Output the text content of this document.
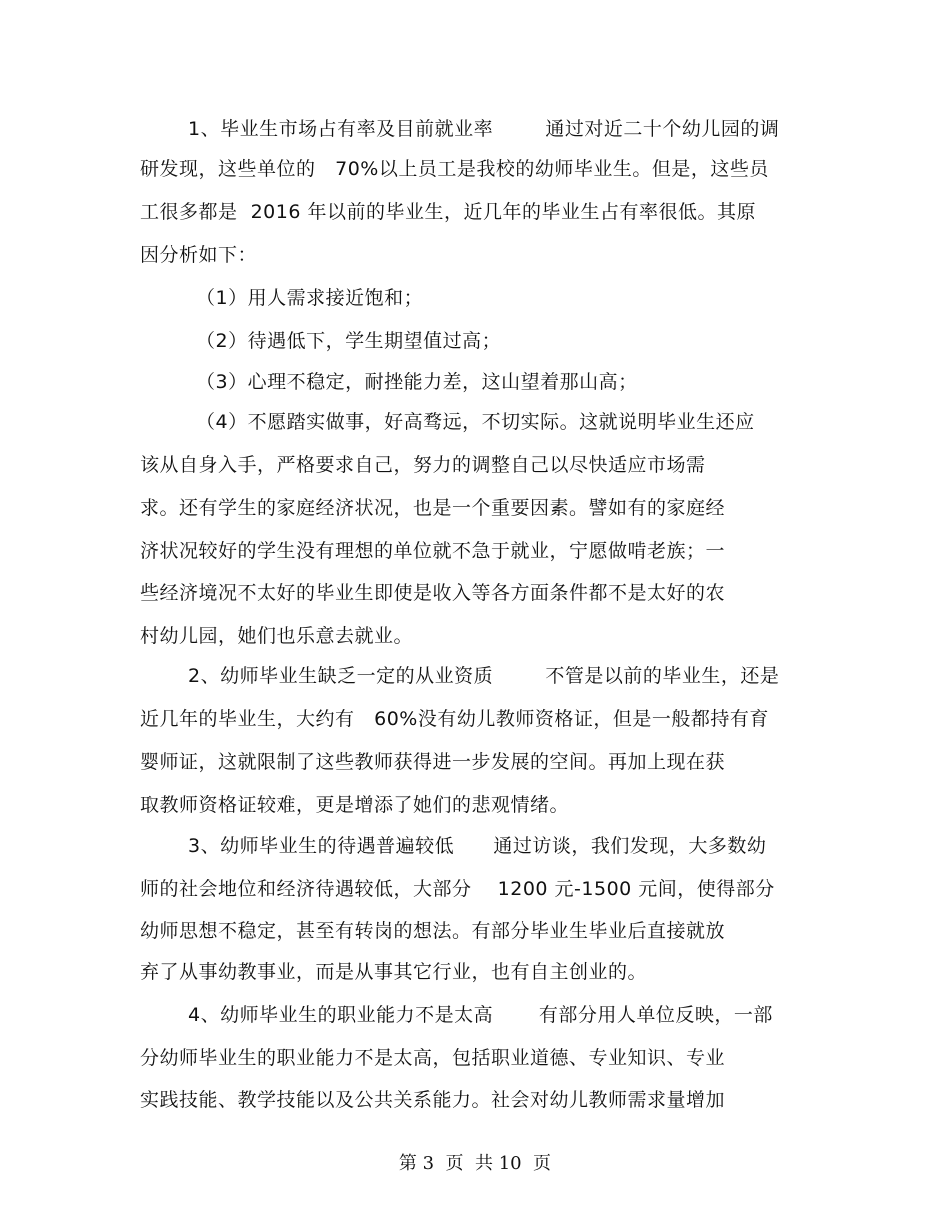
1、毕业生市场占有率及目前就业率        通过对近二十个幼儿园的调
研发现，这些单位的   70%以上员工是我校的幼师毕业生。但是，这些员
工很多都是  2016 年以前的毕业生，近几年的毕业生占有率很低。其原
因分析如下：
（1）用人需求接近饱和；
（2）待遇低下，学生期望值过高；
（3）心理不稳定，耐挫能力差，这山望着那山高；
（4）不愿踏实做事，好高骛远，不切实际。这就说明毕业生还应
该从自身入手，严格要求自己，努力的调整自己以尽快适应市场需
求。还有学生的家庭经济状况，也是一个重要因素。譬如有的家庭经
济状况较好的学生没有理想的单位就不急于就业，宁愿做啃老族；一
些经济境况不太好的毕业生即使是收入等各方面条件都不是太好的农
村幼儿园，她们也乐意去就业。
2、幼师毕业生缺乏一定的从业资质        不管是以前的毕业生，还是
近几年的毕业生，大约有   60%没有幼儿教师资格证，但是一般都持有育
婴师证，这就限制了这些教师获得进一步发展的空间。再加上现在获
取教师资格证较难，更是增添了她们的悲观情绪。
3、幼师毕业生的待遇普遍较低      通过访谈，我们发现，大多数幼
师的社会地位和经济待遇较低，大部分    1200 元-1500 元间，使得部分
幼师思想不稳定，甚至有转岗的想法。有部分毕业生毕业后直接就放
弃了从事幼教事业，而是从事其它行业，也有自主创业的。
4、幼师毕业生的职业能力不是太高       有部分用人单位反映，一部
分幼师毕业生的职业能力不是太高，包括职业道德、专业知识、专业
实践技能、教学技能以及公共关系能力。社会对幼儿教师需求量增加
第 3  页  共 10  页
